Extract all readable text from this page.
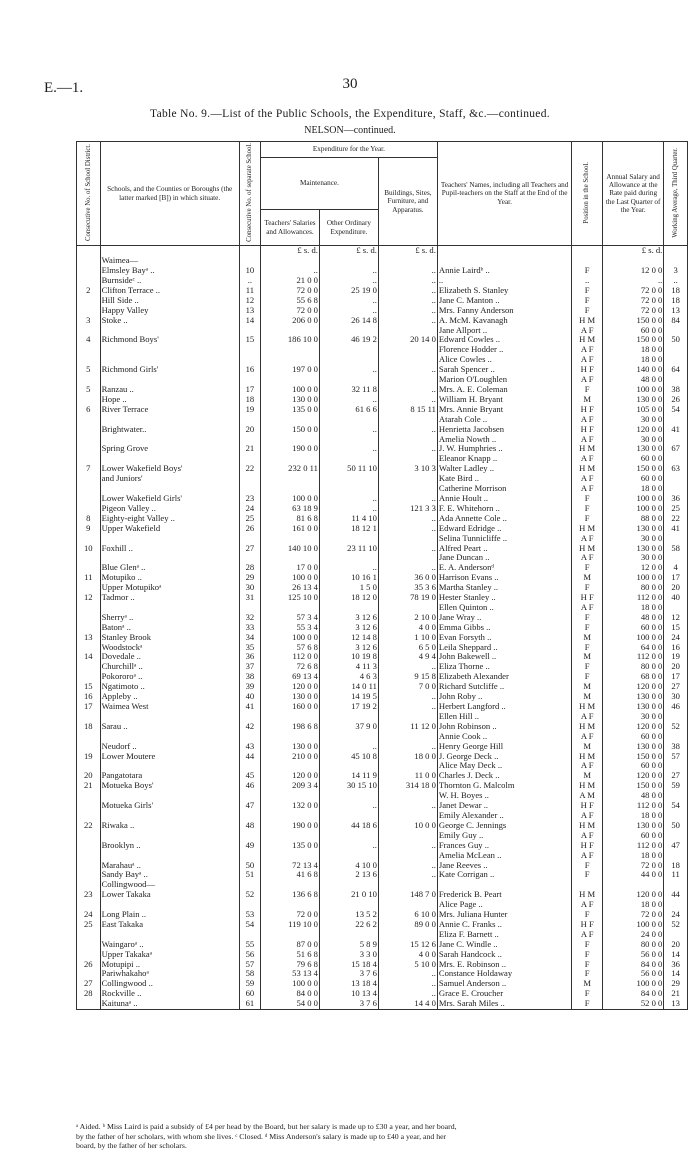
E.—1.	30
Table No. 9.—List of the Public Schools, the Expenditure, Staff, &c.—continued.
NELSON—continued.
Consecutive No. of School District.	Schools, and the Counties or Boroughs (the latter marked [B]) in which situate.	Consecutive No. of separate School.	Expenditure for the Year.			Teachers' Names, including all Teachers and Pupil-teachers on the Staff at the End of the Year.	Position in the School.	Annual Salary and Allowance at the Rate paid during the Last Quarter of the Year.	Working Average, Third Quarter.
			Maintenance.		Buildings, Sites, Furniture, and Apparatus.				
			Teachers' Salaries and Allowances.	Other Ordinary Expenditure.					
			£ s. d.	£ s. d.	£ s. d.			£ s. d.	
	Waimea—								
	Elmsley Bayᵃ ..	10	..	..	..	Annie Lairdᵇ ..	F	12 0 0	3
	Burnsideᶜ ..	..	21 0 0	..	..	..	..	..	..
2	Clifton Terrace ..	11	72 0 0	25 19 0	..	Elizabeth S. Stanley	F	72 0 0	18
	Hill Side ..	12	55 6 8	..	..	Jane C. Manton ..	F	72 0 0	18
	Happy Valley	13	72 0 0	..	..	Mrs. Fanny Anderson	F	72 0 0	13
3	Stoke ..	14	206 0 0	26 14 8	..	A. McM. Kavanagh	H M	150 0 0	84
						Jane Allport ..	A F	60 0 0	
4	Richmond Boys'	15	186 10 0	46 19 2	20 14 0	Edward Cowles ..	H M	150 0 0	50
						Florence Hodder ..	A F	18 0 0	
						Alice Cowles ..	A F	18 0 0	
5	Richmond Girls'	16	197 0 0	..	..	Sarah Spencer ..	H F	140 0 0	64
						Marion O'Loughlen	A F	48 0 0	
5	Ranzau ..	17	100 0 0	32 11 8	..	Mrs. A. E. Coleman	F	100 0 0	38
	Hope ..	18	130 0 0	..	..	William H. Bryant	M	130 0 0	26
6	River Terrace	19	135 0 0	61 6 6	8 15 11	Mrs. Annie Bryant	H F	105 0 0	54
						Atarah Cole ..	A F	30 0 0	
	Brightwater..	20	150 0 0	..	..	Henrietta Jacobsen	H F	120 0 0	41
						Amelia Nowth ..	A F	30 0 0	
	Spring Grove	21	190 0 0	..	..	J. W. Humphries ..	H M	130 0 0	67
						Eleanor Knapp ..	A F	60 0 0	
7	Lower Wakefield Boys'	22	232 0 11	50 11 10	3 10 3	Walter Ladley ..	H M	150 0 0	63
	and Juniors'					Kate Bird ..	A F	60 0 0	
						Catherine Morrison	A F	18 0 0	
	Lower Wakefield Girls'	23	100 0 0	..	..	Annie Hoult ..	F	100 0 0	36
	Pigeon Valley ..	24	63 18 9	..	121 3 3	F. E. Whitehorn ..	F	100 0 0	25
8	Eighty-eight Valley ..	25	81 6 8	11 4 10	..	Ada Annette Cole ..	F	88 0 0	22
9	Upper Wakefield	26	161 0 0	18 12 1	..	Edward Edridge ..	H M	130 0 0	41
						Selina Tunnicliffe ..	A F	30 0 0	
10	Foxhill ..	27	140 10 0	23 11 10	..	Alfred Peart ..	H M	130 0 0	58
						Jane Duncan ..	A F	30 0 0	
	Blue Glenᵃ ..	28	17 0 0	..	..	E. A. Andersonᵈ	F	12 0 0	4
11	Motupiko ..	29	100 0 0	10 16 1	36 0 0	Harrison Evans ..	M	100 0 0	17
	Upper Motupikoᵃ	30	26 13 4	1 5 0	35 3 6	Martha Stanley ..	F	80 0 0	20
12	Tadmor ..	31	125 10 0	18 12 0	78 19 0	Hester Stanley ..	H F	112 0 0	40
						Ellen Quinton ..	A F	18 0 0	
	Sherryᵃ ..	32	57 3 4	3 12 6	2 10 0	Jane Wray ..	F	48 0 0	12
	Batonᵃ ..	33	55 3 4	3 12 6	4 0 0	Emma Gibbs ..	F	60 0 0	15
13	Stanley Brook	34	100 0 0	12 14 8	1 10 0	Evan Forsyth ..	M	100 0 0	24
	Woodstockᵃ	35	57 6 8	3 12 6	6 5 0	Leila Sheppard ..	F	64 0 0	16
14	Dovedale ..	36	112 0 0	10 19 8	4 9 4	John Bakewell ..	M	112 0 0	19
	Churchillᵃ ..	37	72 6 8	4 11 3	..	Eliza Thorne ..	F	80 0 0	20
	Pokororoᵃ ..	38	69 13 4	4 6 3	9 15 8	Elizabeth Alexander	F	68 0 0	17
15	Ngatimoto ..	39	120 0 0	14 0 11	7 0 0	Richard Sutcliffe ..	M	120 0 0	27
16	Appleby ..	40	130 0 0	14 19 5	..	John Roby ..	M	130 0 0	30
17	Waimea West	41	160 0 0	17 19 2	..	Herbert Langford ..	H M	130 0 0	46
						Ellen Hill ..	A F	30 0 0	
18	Sarau ..	42	198 6 8	37 9 0	11 12 0	John Robinson ..	H M	120 0 0	52
						Annie Cook ..	A F	60 0 0	
	Neudorf ..	43	130 0 0	..	..	Henry George Hill	M	130 0 0	38
19	Lower Moutere	44	210 0 0	45 10 8	18 0 0	J. George Deck ..	H M	150 0 0	57
						Alice May Deck ..	A F	60 0 0	
20	Pangatotara	45	120 0 0	14 11 9	11 0 0	Charles J. Deck ..	M	120 0 0	27
21	Motueka Boys'	46	209 3 4	30 15 10	314 18 0	Thornton G. Malcolm	H M	150 0 0	59
						W. H. Boyes ..	A M	48 0 0	
	Motueka Girls'	47	132 0 0	..	..	Janet Dewar ..	H F	112 0 0	54
						Emily Alexander ..	A F	18 0 0	
22	Riwaka ..	48	190 0 0	44 18 6	10 0 0	George C. Jennings	H M	130 0 0	50
						Emily Guy ..	A F	60 0 0	
	Brooklyn ..	49	135 0 0	..	..	Frances Guy ..	H F	112 0 0	47
						Amelia McLean ..	A F	18 0 0	
	Marahauᵃ ..	50	72 13 4	4 10 0	..	Jane Reeves ..	F	72 0 0	18
	Sandy Bayᵃ ..	51	41 6 8	2 13 6	..	Kate Corrigan ..	F	44 0 0	11
	Collingwood—								
23	Lower Takaka	52	136 6 8	21 0 10	148 7 0	Frederick B. Peart	H M	120 0 0	44
						Alice Page ..	A F	18 0 0	
24	Long Plain ..	53	72 0 0	13 5 2	6 10 0	Mrs. Juliana Hunter	F	72 0 0	24
25	East Takaka	54	119 10 0	22 6 2	89 0 0	Annie C. Franks ..	H F	100 0 0	52
						Eliza F. Barnett ..	A F	24 0 0	
	Waingaroᵃ ..	55	87 0 0	5 8 9	15 12 6	Jane C. Windle ..	F	80 0 0	20
	Upper Takakaᵃ	56	51 6 8	3 3 0	4 0 0	Sarah Handcock ..	F	56 0 0	14
26	Motupipi ..	57	79 6 8	15 18 4	5 10 0	Mrs. E. Robinson ..	F	84 0 0	36
	Pariwhakahoᵃ	58	53 13 4	3 7 6	..	Constance Holdaway	F	56 0 0	14
27	Collingwood ..	59	100 0 0	13 18 4	..	Samuel Anderson ..	M	100 0 0	29
28	Rockville ..	60	84 0 0	10 13 4	..	Grace E. Croucher	F	84 0 0	21
	Kaitunaᵃ ..	61	54 0 0	3 7 6	14 4 0	Mrs. Sarah Miles ..	F	52 0 0	13
ᵃ Aided. ᵇ Miss Laird is paid a subsidy of £4 per head by the Board, but her salary is made up to £30 a year, and her board,
by the father of her scholars, with whom she lives. ᶜ Closed. ᵈ Miss Anderson's salary is made up to £40 a year, and her
board, by the father of her scholars.
